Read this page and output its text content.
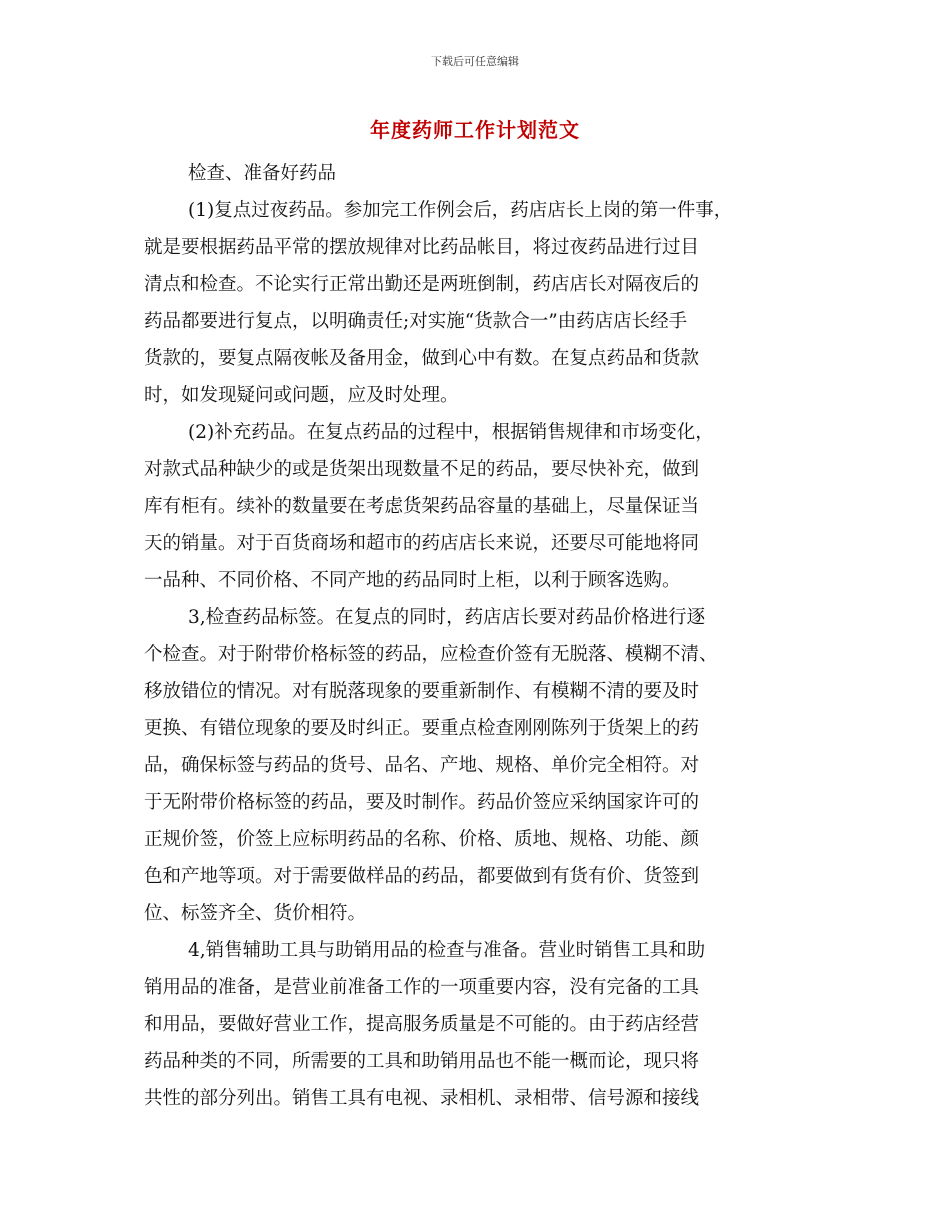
下载后可任意编辑
年度药师工作计划范文
检查、准备好药品
(1)复点过夜药品。参加完工作例会后，药店店长上岗的第一件事，
就是要根据药品平常的摆放规律对比药品帐目，将过夜药品进行过目
清点和检查。不论实行正常出勤还是两班倒制，药店店长对隔夜后的
药品都要进行复点，以明确责任;对实施“货款合一”由药店店长经手
货款的，要复点隔夜帐及备用金，做到心中有数。在复点药品和货款
时，如发现疑问或问题，应及时处理。
(2)补充药品。在复点药品的过程中，根据销售规律和市场变化，
对款式品种缺少的或是货架出现数量不足的药品，要尽快补充，做到
库有柜有。续补的数量要在考虑货架药品容量的基础上，尽量保证当
天的销量。对于百货商场和超市的药店店长来说，还要尽可能地将同
一品种、不同价格、不同产地的药品同时上柜，以利于顾客选购。
3,检查药品标签。在复点的同时，药店店长要对药品价格进行逐
个检查。对于附带价格标签的药品，应检查价签有无脱落、模糊不清、
移放错位的情况。对有脱落现象的要重新制作、有模糊不清的要及时
更换、有错位现象的要及时纠正。要重点检查刚刚陈列于货架上的药
品，确保标签与药品的货号、品名、产地、规格、单价完全相符。对
于无附带价格标签的药品，要及时制作。药品价签应采纳国家许可的
正规价签，价签上应标明药品的名称、价格、质地、规格、功能、颜
色和产地等项。对于需要做样品的药品，都要做到有货有价、货签到
位、标签齐全、货价相符。
4,销售辅助工具与助销用品的检查与准备。营业时销售工具和助
销用品的准备，是营业前准备工作的一项重要内容，没有完备的工具
和用品，要做好营业工作，提高服务质量是不可能的。由于药店经营
药品种类的不同，所需要的工具和助销用品也不能一概而论，现只将
共性的部分列出。销售工具有电视、录相机、录相带、信号源和接线
